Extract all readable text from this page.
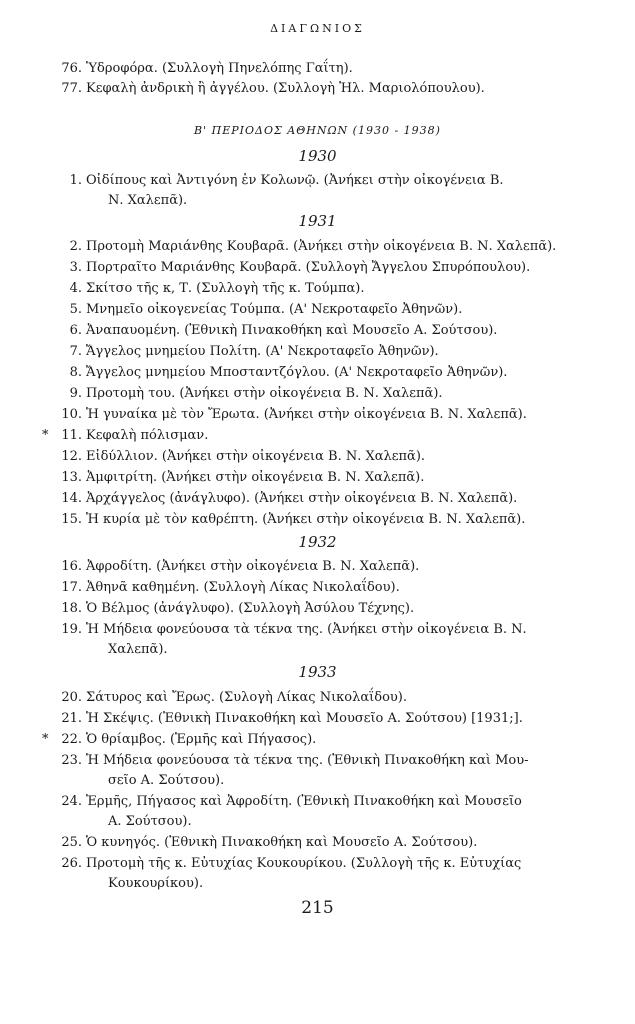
ΔΙΑΓΩΝΙΟΣ
76. Ὑδροφόρα. (Συλλογὴ Πηνελόπης Γαΐτη).
77. Κεφαλὴ ἀνδρικὴ ἢ ἀγγέλου. (Συλλογὴ Ἠλ. Μαριολόπουλου).
Β' ΠΕΡΙΟΔΟΣ ΑΘΗΝΩΝ (1930 - 1938)
1930
1. Οἰδίπους καὶ Ἀντιγόνη ἐν Κολωνῷ. (Ἀνήκει στὴν οἰκογένεια Β.
Ν. Χαλεπᾶ).
1931
2. Προτομὴ Μαριάνθης Κουβαρᾶ. (Ἀνήκει στὴν οἰκογένεια Β. Ν. Χαλεπᾶ).
3. Πορτραῖτο Μαριάνθης Κουβαρᾶ. (Συλλογὴ Ἄγγελου Σπυρόπουλου).
4. Σκίτσο τῆς κ, Τ. (Συλλογὴ τῆς κ. Τούμπα).
5. Μνημεῖο οἰκογενείας Τούμπα. (Α' Νεκροταφεῖο Ἀθηνῶν).
6. Ἀναπαυομένη. (Ἐθνικὴ Πινακοθήκη καὶ Μουσεῖο Α. Σούτσου).
7. Ἄγγελος μνημείου Πολίτη. (Α' Νεκροταφεῖο Ἀθηνῶν).
8. Ἄγγελος μνημείου Μποσταντζόγλου. (Α' Νεκροταφεῖο Ἀθηνῶν).
9. Προτομὴ του. (Ἀνήκει στὴν οἰκογένεια Β. Ν. Χαλεπᾶ).
10. Ἡ γυναίκα μὲ τὸν Ἔρωτα. (Ἀνήκει στὴν οἰκογένεια Β. Ν. Χαλεπᾶ).
* 11. Κεφαλὴ πόλισμαν.
12. Εἰδύλλιον. (Ἀνήκει στὴν οἰκογένεια Β. Ν. Χαλεπᾶ).
13. Ἀμφιτρίτη. (Ἀνήκει στὴν οἰκογένεια Β. Ν. Χαλεπᾶ).
14. Ἀρχάγγελος (ἀνάγλυφο). (Ἀνήκει στὴν οἰκογένεια Β. Ν. Χαλεπᾶ).
15. Ἡ κυρία μὲ τὸν καθρέπτη. (Ἀνήκει στὴν οἰκογένεια Β. Ν. Χαλεπᾶ).
1932
16. Ἀφροδίτη. (Ἀνήκει στὴν οἰκογένεια Β. Ν. Χαλεπᾶ).
17. Ἀθηνᾶ καθημένη. (Συλλογὴ Λίκας Νικολαΐδου).
18. Ὁ Βέλμος (ἀνάγλυφο). (Συλλογὴ Ἀσύλου Τέχνης).
19. Ἡ Μήδεια φονεύουσα τὰ τέκνα της. (Ἀνήκει στὴν οἰκογένεια Β. Ν.
Χαλεπᾶ).
1933
20. Σάτυρος καὶ Ἔρως. (Συλογὴ Λίκας Νικολαΐδου).
21. Ἡ Σκέψις. (Ἐθνικὴ Πινακοθήκη καὶ Μουσεῖο Α. Σούτσου) [1931;].
* 22. Ὁ θρίαμβος. (Ἑρμῆς καὶ Πήγασος).
23. Ἡ Μήδεια φονεύουσα τὰ τέκνα της. (Ἐθνικὴ Πινακοθήκη καὶ Μου-
σεῖο Α. Σούτσου).
24. Ἑρμῆς, Πήγασος καὶ Ἀφροδίτη. (Ἐθνικὴ Πινακοθήκη καὶ Μουσεῖο
Α. Σούτσου).
25. Ὁ κυνηγός. (Ἐθνικὴ Πινακοθήκη καὶ Μουσεῖο Α. Σούτσου).
26. Προτομὴ τῆς κ. Εὐτυχίας Κουκουρίκου. (Συλλογὴ τῆς κ. Εὐτυχίας
Κουκουρίκου).
215
